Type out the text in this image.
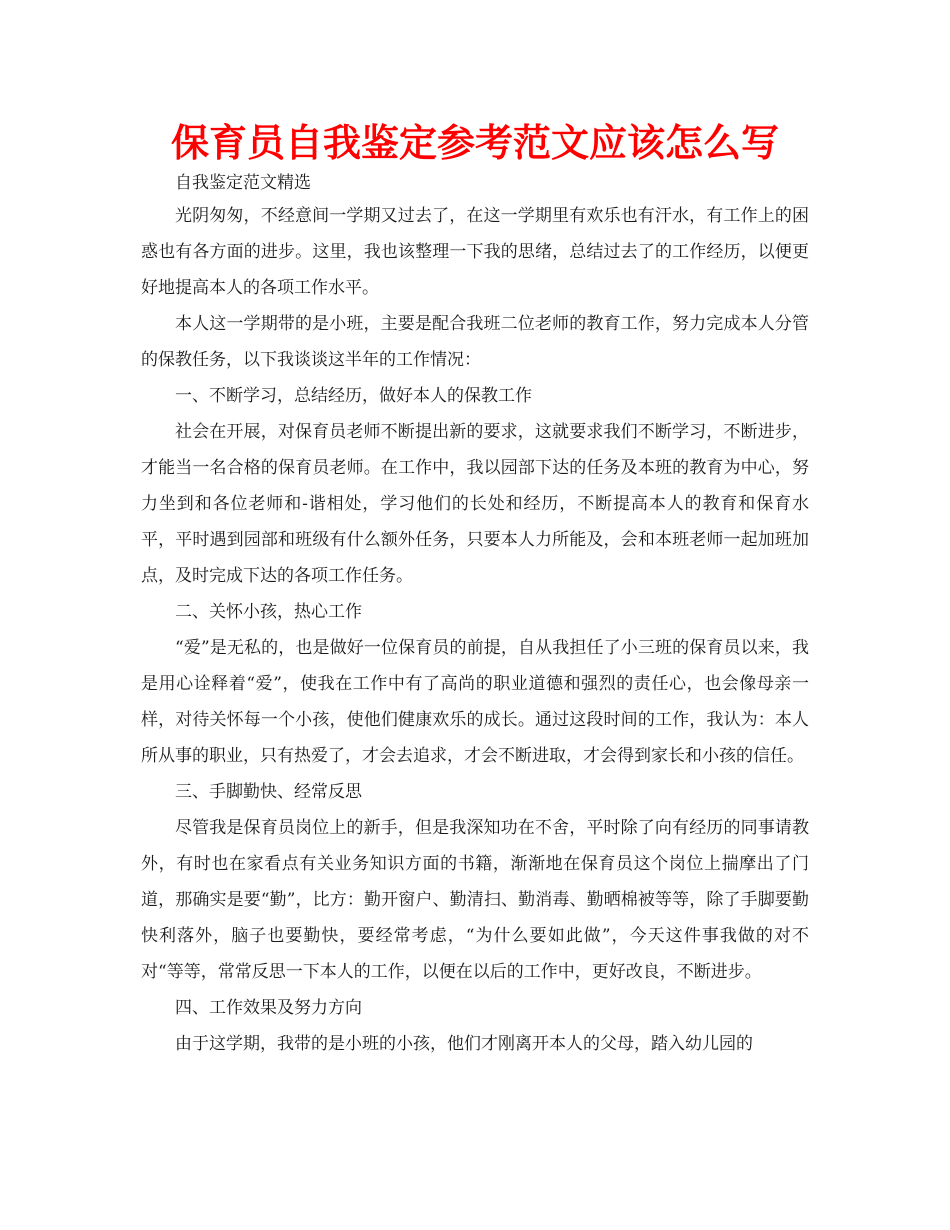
保育员自我鉴定参考范文应该怎么写

自我鉴定范文精选

光阴匆匆，不经意间一学期又过去了，在这一学期里有欢乐也有汗水，有工作上的困惑也有各方面的进步。这里，我也该整理一下我的思绪，总结过去了的工作经历，以便更好地提高本人的各项工作水平。

本人这一学期带的是小班，主要是配合我班二位老师的教育工作，努力完成本人分管的保教任务，以下我谈谈这半年的工作情况：

一、不断学习，总结经历，做好本人的保教工作

社会在开展，对保育员老师不断提出新的要求，这就要求我们不断学习，不断进步，才能当一名合格的保育员老师。在工作中，我以园部下达的任务及本班的教育为中心，努力坐到和各位老师和-谐相处，学习他们的长处和经历，不断提高本人的教育和保育水平，平时遇到园部和班级有什么额外任务，只要本人力所能及，会和本班老师一起加班加点，及时完成下达的各项工作任务。

二、关怀小孩，热心工作

“爱”是无私的，也是做好一位保育员的前提，自从我担任了小三班的保育员以来，我是用心诠释着“爱”，使我在工作中有了高尚的职业道德和强烈的责任心，也会像母亲一样，对待关怀每一个小孩，使他们健康欢乐的成长。通过这段时间的工作，我认为：本人所从事的职业，只有热爱了，才会去追求，才会不断进取，才会得到家长和小孩的信任。

三、手脚勤快、经常反思

尽管我是保育员岗位上的新手，但是我深知功在不舍，平时除了向有经历的同事请教外，有时也在家看点有关业务知识方面的书籍，渐渐地在保育员这个岗位上揣摩出了门道，那确实是要“勤”，比方：勤开窗户、勤清扫、勤消毒、勤晒棉被等等，除了手脚要勤快利落外，脑子也要勤快，要经常考虑，“为什么要如此做”，今天这件事我做的对不对“等等，常常反思一下本人的工作，以便在以后的工作中，更好改良，不断进步。

四、工作效果及努力方向

由于这学期，我带的是小班的小孩，他们才刚离开本人的父母，踏入幼儿园的
